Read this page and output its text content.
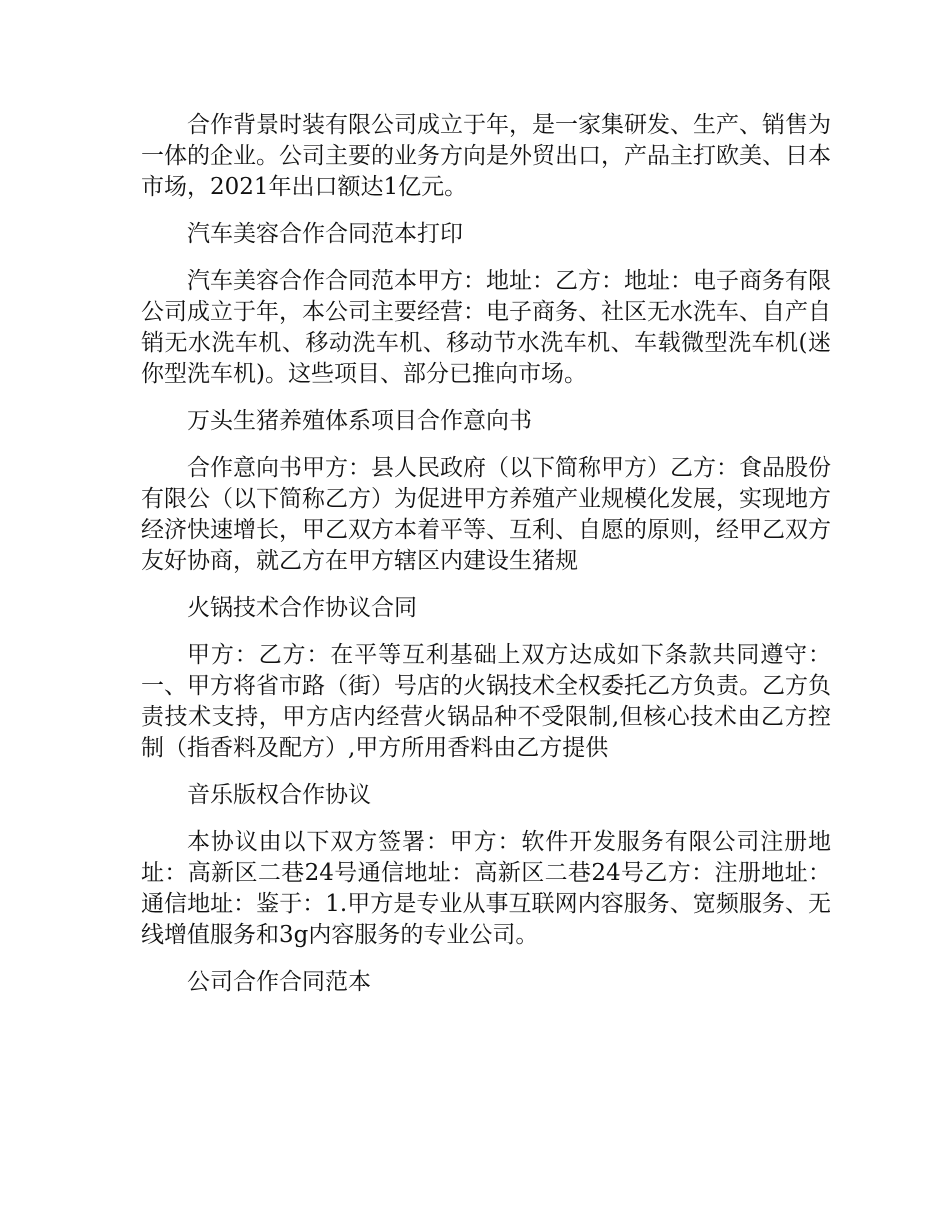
合作背景时装有限公司成立于年，是一家集研发、生产、销售为一体的企业。公司主要的业务方向是外贸出口，产品主打欧美、日本市场，2021年出口额达1亿元。

汽车美容合作合同范本打印

汽车美容合作合同范本甲方：地址：乙方：地址：电子商务有限公司成立于年，本公司主要经营：电子商务、社区无水洗车、自产自销无水洗车机、移动洗车机、移动节水洗车机、车载微型洗车机(迷你型洗车机)。这些项目、部分已推向市场。

万头生猪养殖体系项目合作意向书

合作意向书甲方：县人民政府（以下简称甲方）乙方：食品股份有限公（以下简称乙方）为促进甲方养殖产业规模化发展，实现地方经济快速增长，甲乙双方本着平等、互利、自愿的原则，经甲乙双方友好协商，就乙方在甲方辖区内建设生猪规

火锅技术合作协议合同

甲方：乙方：在平等互利基础上双方达成如下条款共同遵守：一、甲方将省市路（街）号店的火锅技术全权委托乙方负责。乙方负责技术支持，甲方店内经营火锅品种不受限制,但核心技术由乙方控制（指香料及配方）,甲方所用香料由乙方提供

音乐版权合作协议

本协议由以下双方签署：甲方：软件开发服务有限公司注册地址：高新区二巷24号通信地址：高新区二巷24号乙方：注册地址：通信地址：鉴于：1.甲方是专业从事互联网内容服务、宽频服务、无线增值服务和3g内容服务的专业公司。

公司合作合同范本
